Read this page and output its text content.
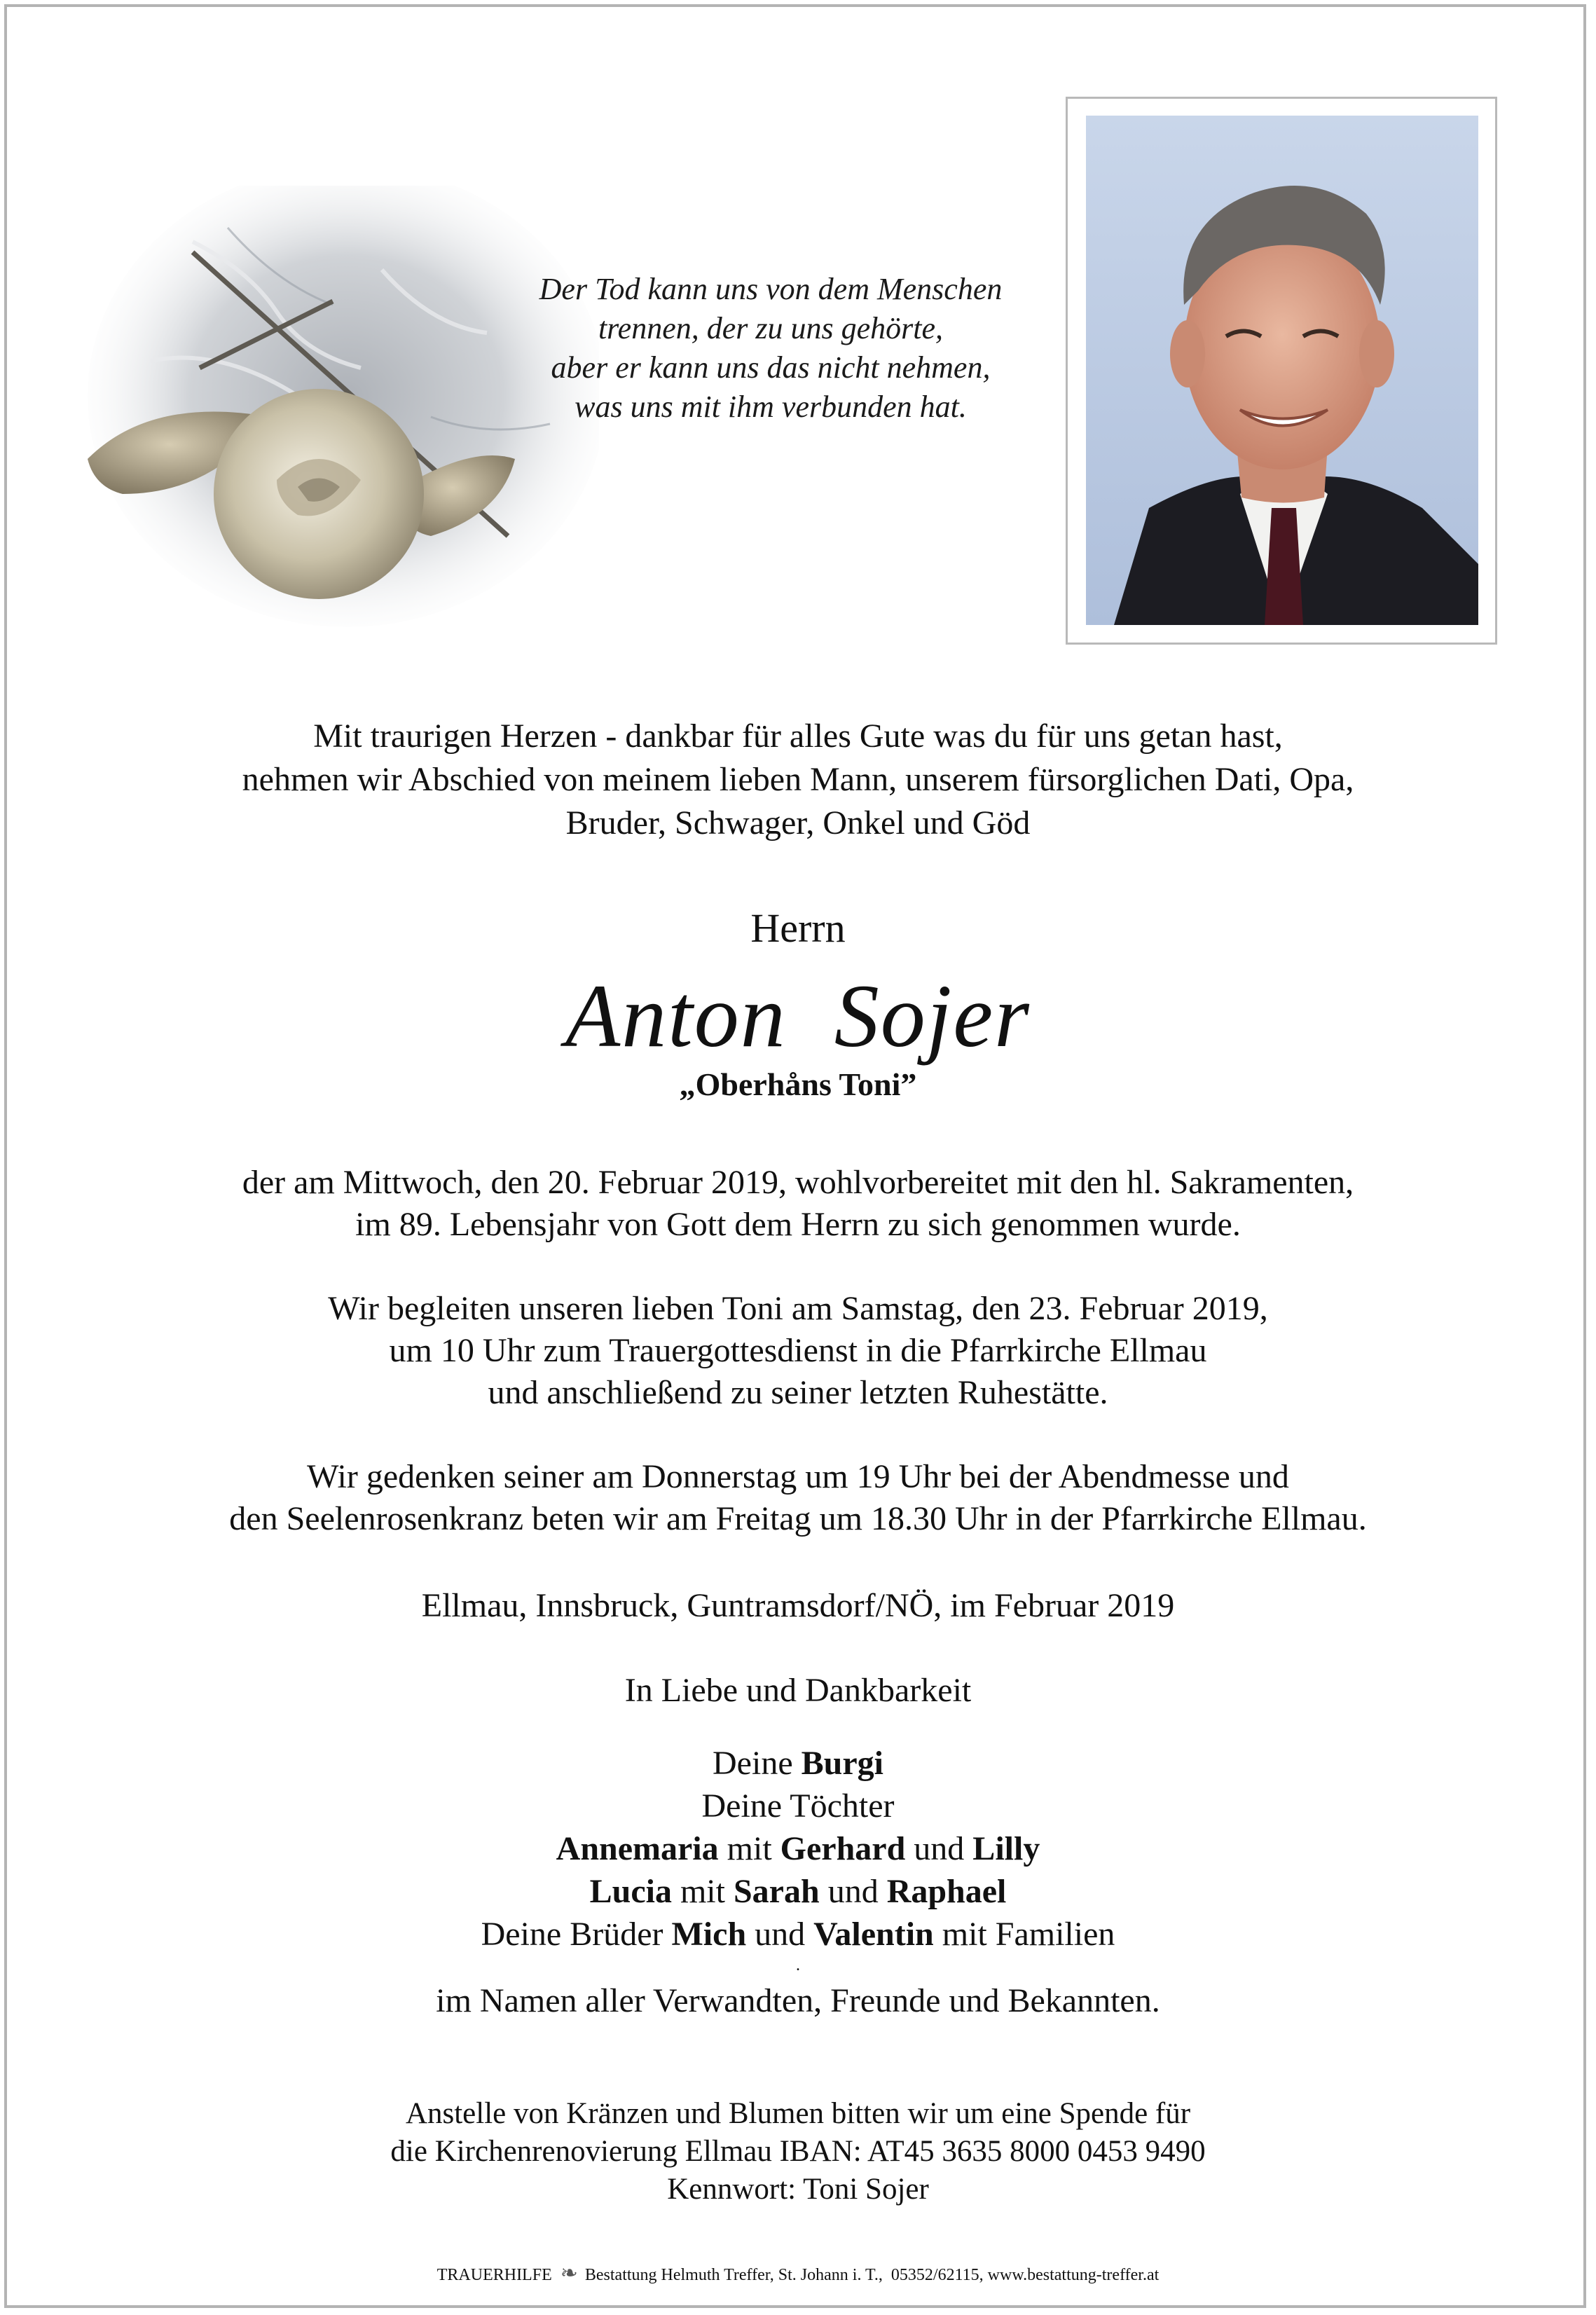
Der Tod kann uns von dem Menschen
trennen, der zu uns gehörte,
aber er kann uns das nicht nehmen,
was uns mit ihm verbunden hat.
Mit traurigen Herzen - dankbar für alles Gute was du für uns getan hast,
nehmen wir Abschied von meinem lieben Mann, unserem fürsorglichen Dati, Opa,
Bruder, Schwager, Onkel und Göd
Herrn
Anton  Sojer
„Oberhåns Toni”
der am Mittwoch, den 20. Februar 2019, wohlvorbereitet mit den hl. Sakramenten,
im 89. Lebensjahr von Gott dem Herrn zu sich genommen wurde.
Wir begleiten unseren lieben Toni am Samstag, den 23. Februar 2019,
um 10 Uhr zum Trauergottesdienst in die Pfarrkirche Ellmau
und anschließend zu seiner letzten Ruhestätte.
Wir gedenken seiner am Donnerstag um 19 Uhr bei der Abendmesse und
den Seelenrosenkranz beten wir am Freitag um 18.30 Uhr in der Pfarrkirche Ellmau.
Ellmau, Innsbruck, Guntramsdorf/NÖ, im Februar 2019
In Liebe und Dankbarkeit
Deine Burgi
Deine Töchter
Annemaria mit Gerhard und Lilly
Lucia mit Sarah und Raphael
Deine Brüder Mich und Valentin mit Familien
.
im Namen aller Verwandten, Freunde und Bekannten.
Anstelle von Kränzen und Blumen bitten wir um eine Spende für
die Kirchenrenovierung Ellmau IBAN: AT45 3635 8000 0453 9490
Kennwort: Toni Sojer
TRAUERHILFE ❧ Bestattung Helmuth Treffer, St. Johann i. T.,  05352/62115, www.bestattung-treffer.at
